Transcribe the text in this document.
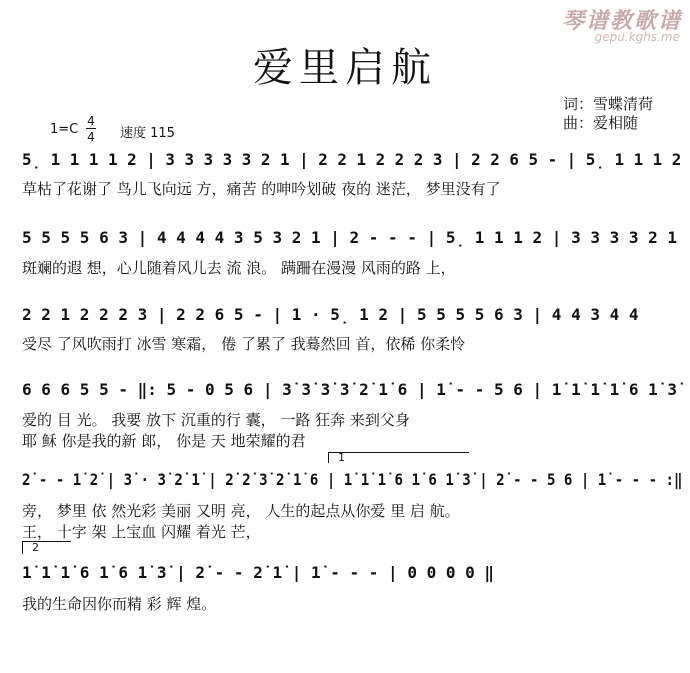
琴谱教歌谱
gepu.kghs.me
爱里启航
词：雪蝶清荷
曲：爱相随
1=C
4
4 速度 115
5̣ 1 1 1 1 2 | 3 3 3 3 3 2 1 | 2 2 1 2 2 2 3 | 2 2 6 5 - | 5̣ 1 1 1 2
草枯了花谢了 鸟儿飞向远 方，痛苦 的呻吟划破 夜的 迷茫， 梦里没有了
5 5 5 5 6 3 | 4 4 4 4 3 5 3 2 1 | 2 - - - | 5̣ 1 1 1 2 | 3 3 3 3 2 1
斑斓的遐 想，心儿随着风儿去 流 浪。 蹒跚在漫漫 风雨的路 上，
2 2 1 2 2 2 3 | 2 2 6 5 - | 1 · 5̣ 1 2 | 5 5 5 5 6 3 | 4 4 3 4 4
受尽 了风吹雨打 冰雪 寒霜， 倦 了累了 我蓦然回 首，依稀 你柔怜
6 6 6 5 5 - ‖: 5 - 0 5 6 | 3̇ 3̇ 3̇ 3̇ 2̇ 1̇ 6 | 1̇ - - 5 6 | 1̇ 1̇ 1̇ 1̇ 6 1̇ 3̇
爱的 目 光。 我要 放下 沉重的行 囊， 一路 狂奔 来到父身
耶 稣 你是我的新 郎， 你是 天 地荣耀的君
1
2̇ - - 1̇ 2̇ | 3̇ · 3̇ 2̇ 1̇ | 2̇ 2̇ 3̇ 2̇ 1̇ 6 | 1̇ 1̇ 1̇ 6 1̇ 6 1̇ 3̇ | 2̇ - - 5 6 | 1̇ - - - :‖
旁， 梦里 依 然光彩 美丽 又明 亮， 人生的起点从你爱 里 启 航。
王， 十字 架 上宝血 闪耀 着光 芒，
2
1̇ 1̇ 1̇ 6 1̇ 6 1̇ 3̇ | 2̇ - - 2̇ 1̇ | 1̇ - - - | 0 0 0 0 ‖
我的生命因你而精 彩 辉 煌。
